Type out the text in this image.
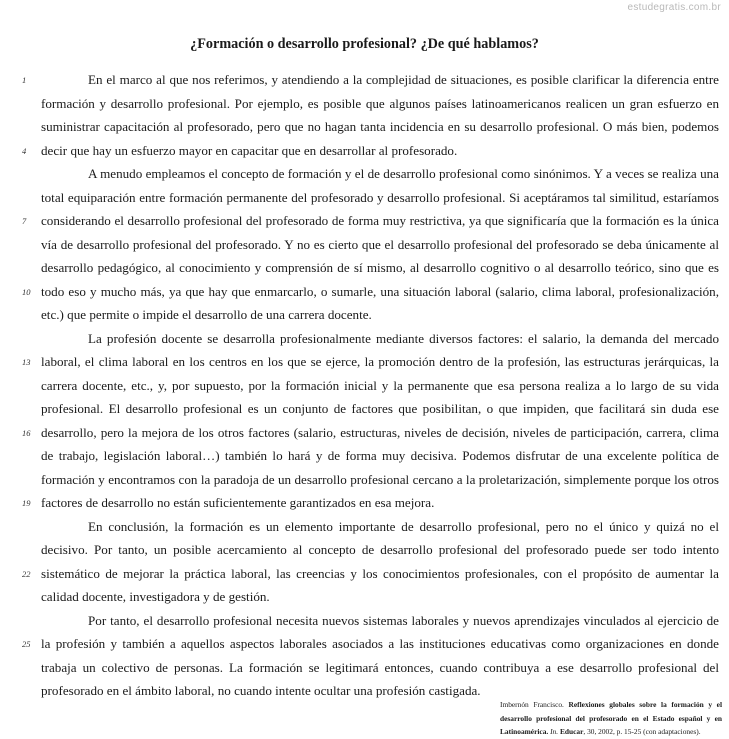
estudegratis.com.br
¿Formación o desarrollo profesional? ¿De qué hablamos?
1
4
7
10
13
16
19
22
25

En el marco al que nos referimos, y atendiendo a la complejidad de situaciones, es posible clarificar la diferencia entre formación y desarrollo profesional. Por ejemplo, es posible que algunos países latinoamericanos realicen un gran esfuerzo en suministrar capacitación al profesorado, pero que no hagan tanta incidencia en su desarrollo profesional. O más bien, podemos decir que hay un esfuerzo mayor en capacitar que en desarrollar al profesorado.

A menudo empleamos el concepto de formación y el de desarrollo profesional como sinónimos. Y a veces se realiza una total equiparación entre formación permanente del profesorado y desarrollo profesional. Si aceptáramos tal similitud, estaríamos considerando el desarrollo profesional del profesorado de forma muy restrictiva, ya que significaría que la formación es la única vía de desarrollo profesional del profesorado. Y no es cierto que el desarrollo profesional del profesorado se deba únicamente al desarrollo pedagógico, al conocimiento y comprensión de sí mismo, al desarrollo cognitivo o al desarrollo teórico, sino que es todo eso y mucho más, ya que hay que enmarcarlo, o sumarle, una situación laboral (salario, clima laboral, profesionalización, etc.) que permite o impide el desarrollo de una carrera docente.

La profesión docente se desarrolla profesionalmente mediante diversos factores: el salario, la demanda del mercado laboral, el clima laboral en los centros en los que se ejerce, la promoción dentro de la profesión, las estructuras jerárquicas, la carrera docente, etc., y, por supuesto, por la formación inicial y la permanente que esa persona realiza a lo largo de su vida profesional. El desarrollo profesional es un conjunto de factores que posibilitan, o que impiden, que facilitará sin duda ese desarrollo, pero la mejora de los otros factores (salario, estructuras, niveles de decisión, niveles de participación, carrera, clima de trabajo, legislación laboral…) también lo hará y de forma muy decisiva. Podemos disfrutar de una excelente política de formación y encontramos con la paradoja de un desarrollo profesional cercano a la proletarización, simplemente porque los otros factores de desarrollo no están suficientemente garantizados en esa mejora.

En conclusión, la formación es un elemento importante de desarrollo profesional, pero no el único y quizá no el decisivo. Por tanto, un posible acercamiento al concepto de desarrollo profesional del profesorado puede ser todo intento sistemático de mejorar la práctica laboral, las creencias y los conocimientos profesionales, con el propósito de aumentar la calidad docente, investigadora y de gestión.

Por tanto, el desarrollo profesional necesita nuevos sistemas laborales y nuevos aprendizajes vinculados al ejercicio de la profesión y también a aquellos aspectos laborales asociados a las instituciones educativas como organizaciones en donde trabaja un colectivo de personas. La formación se legitimará entonces, cuando contribuya a ese desarrollo profesional del profesorado en el ámbito laboral, no cuando intente ocultar una profesión castigada.

Imbernón Francisco. Reflexiones globales sobre la formación y el desarrollo profesional del profesorado en el Estado español y en Latinoamérica. In. Educar, 30, 2002, p. 15-25 (con adaptaciones).
